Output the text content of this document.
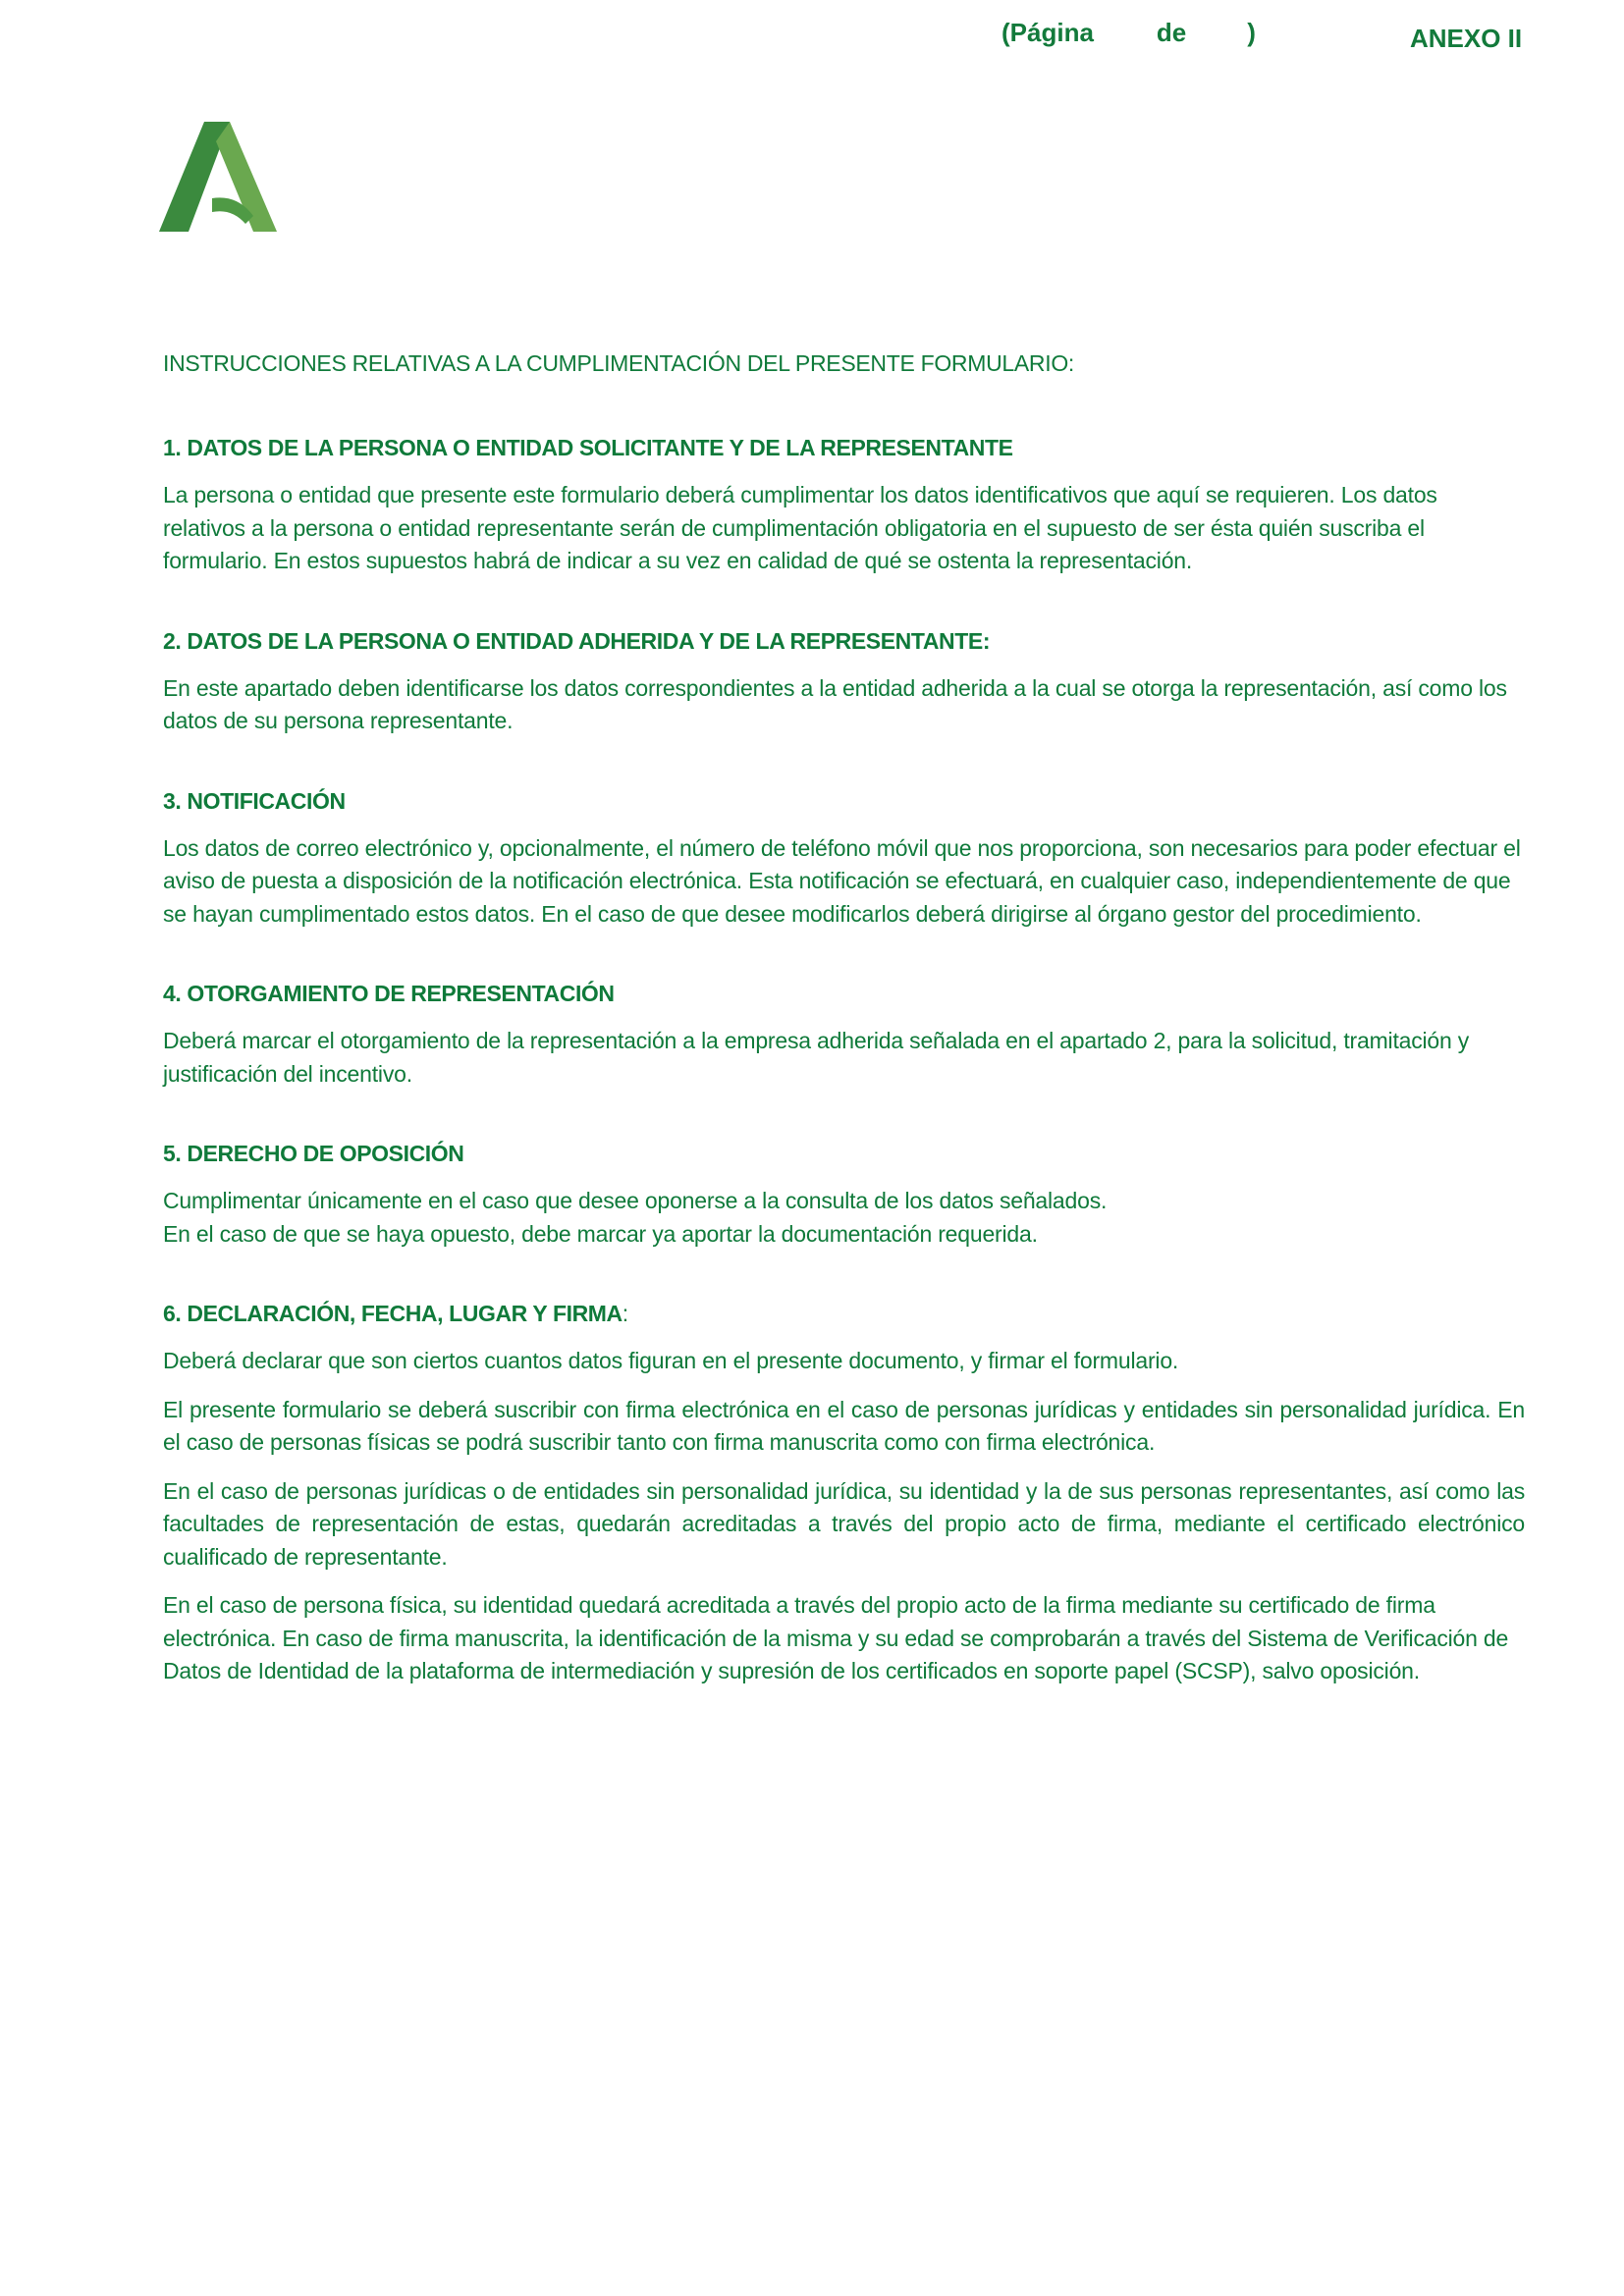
(Página de )	ANEXO II
INSTRUCCIONES RELATIVAS A LA CUMPLIMENTACIÓN DEL PRESENTE FORMULARIO:
1. DATOS DE LA PERSONA O ENTIDAD SOLICITANTE Y DE LA REPRESENTANTE

La persona o entidad que presente este formulario deberá cumplimentar los datos identificativos que aquí se requieren. Los datos relativos a la persona o entidad representante serán de cumplimentación obligatoria en el supuesto de ser ésta quién suscriba el formulario. En estos supuestos habrá de indicar a su vez en calidad de qué se ostenta la representación.

2. DATOS DE LA PERSONA O ENTIDAD ADHERIDA Y DE LA REPRESENTANTE:

En este apartado deben identificarse los datos correspondientes a la entidad adherida a la cual se otorga la representación, así como los datos de su persona representante.

3. NOTIFICACIÓN

Los datos de correo electrónico y, opcionalmente, el número de teléfono móvil que nos proporciona, son necesarios para poder efectuar el aviso de puesta a disposición de la notificación electrónica. Esta notificación se efectuará, en cualquier caso, independientemente de que se hayan cumplimentado estos datos. En el caso de que desee modificarlos deberá dirigirse al órgano gestor del procedimiento.

4. OTORGAMIENTO DE REPRESENTACIÓN

Deberá marcar el otorgamiento de la representación a la empresa adherida señalada en el apartado 2, para la solicitud, tramitación y justificación del incentivo.

5. DERECHO DE OPOSICIÓN

Cumplimentar únicamente en el caso que desee oponerse a la consulta de los datos señalados.
En el caso de que se haya opuesto, debe marcar ya aportar la documentación requerida.

6. DECLARACIÓN, FECHA, LUGAR Y FIRMA:

Deberá declarar que son ciertos cuantos datos figuran en el presente documento, y firmar el formulario.

El presente formulario se deberá suscribir con firma electrónica en el caso de personas jurídicas y entidades sin personalidad jurídica. En el caso de personas físicas se podrá suscribir tanto con firma manuscrita como con firma electrónica.

En el caso de personas jurídicas o de entidades sin personalidad jurídica, su identidad y la de sus personas representantes, así como las facultades de representación de estas, quedarán acreditadas a través del propio acto de firma, mediante el certificado electrónico cualificado de representante.

En el caso de persona física, su identidad quedará acreditada a través del propio acto de la firma mediante su certificado de firma electrónica. En caso de firma manuscrita, la identificación de la misma y su edad se comprobarán a través del Sistema de Verificación de Datos de Identidad de la plataforma de intermediación y supresión de los certificados en soporte papel (SCSP), salvo oposición.
